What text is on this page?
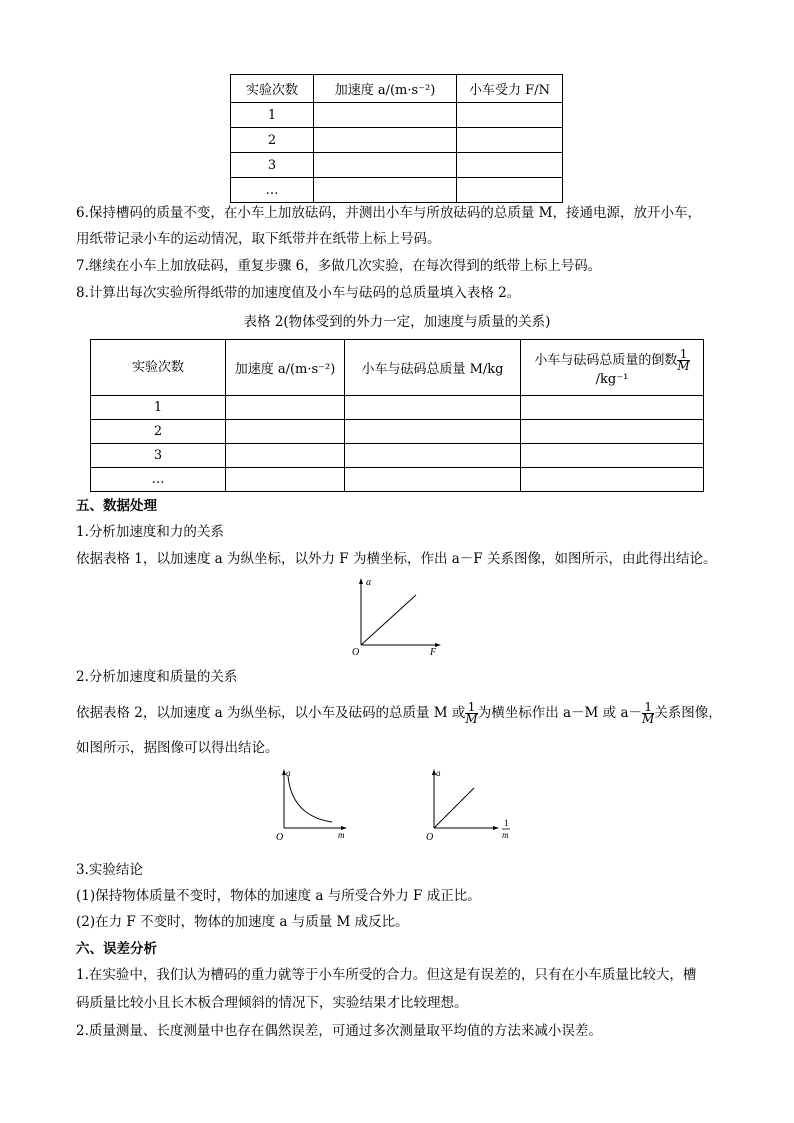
实验次数	加速度 a/(m·s⁻²)	小车受力 F/N
1		
2		
3		
…		
6.保持槽码的质量不变，在小车上加放砝码，并测出小车与所放砝码的总质量 M，接通电源，放开小车，
用纸带记录小车的运动情况，取下纸带并在纸带上标上号码。
7.继续在小车上加放砝码，重复步骤 6，多做几次实验，在每次得到的纸带上标上号码。
8.计算出每次实验所得纸带的加速度值及小车与砝码的总质量填入表格 2。
表格 2(物体受到的外力一定，加速度与质量的关系)
实验次数	加速度 a/(m·s⁻²)	小车与砝码总质量 M/kg	小车与砝码总质量的倒数 $\frac{1}{M}$
/kg⁻¹
1			
2			
3			
…			
五、数据处理
1.分析加速度和力的关系
依据表格 1，以加速度 a 为纵坐标，以外力 F 为横坐标，作出 a－F 关系图像，如图所示，由此得出结论。
a
F
O
2.分析加速度和质量的关系
依据表格 2，以加速度 a 为纵坐标，以小车及砝码的总质量 M 或 $\frac{1}{M}$ 为横坐标作出 a－M 或 $a- \frac{1}{M}$ 关系图像，
如图所示，据图像可以得出结论。
a
m
O
a
1
m
O
3.实验结论
(1)保持物体质量不变时，物体的加速度 a 与所受合外力 F 成正比。
(2)在力 F 不变时，物体的加速度 a 与质量 M 成反比。
六、误差分析
1.在实验中，我们认为槽码的重力就等于小车所受的合力。但这是有误差的，只有在小车质量比较大，槽
码质量比较小且长木板合理倾斜的情况下，实验结果才比较理想。
2.质量测量、长度测量中也存在偶然误差，可通过多次测量取平均值的方法来减小误差。
